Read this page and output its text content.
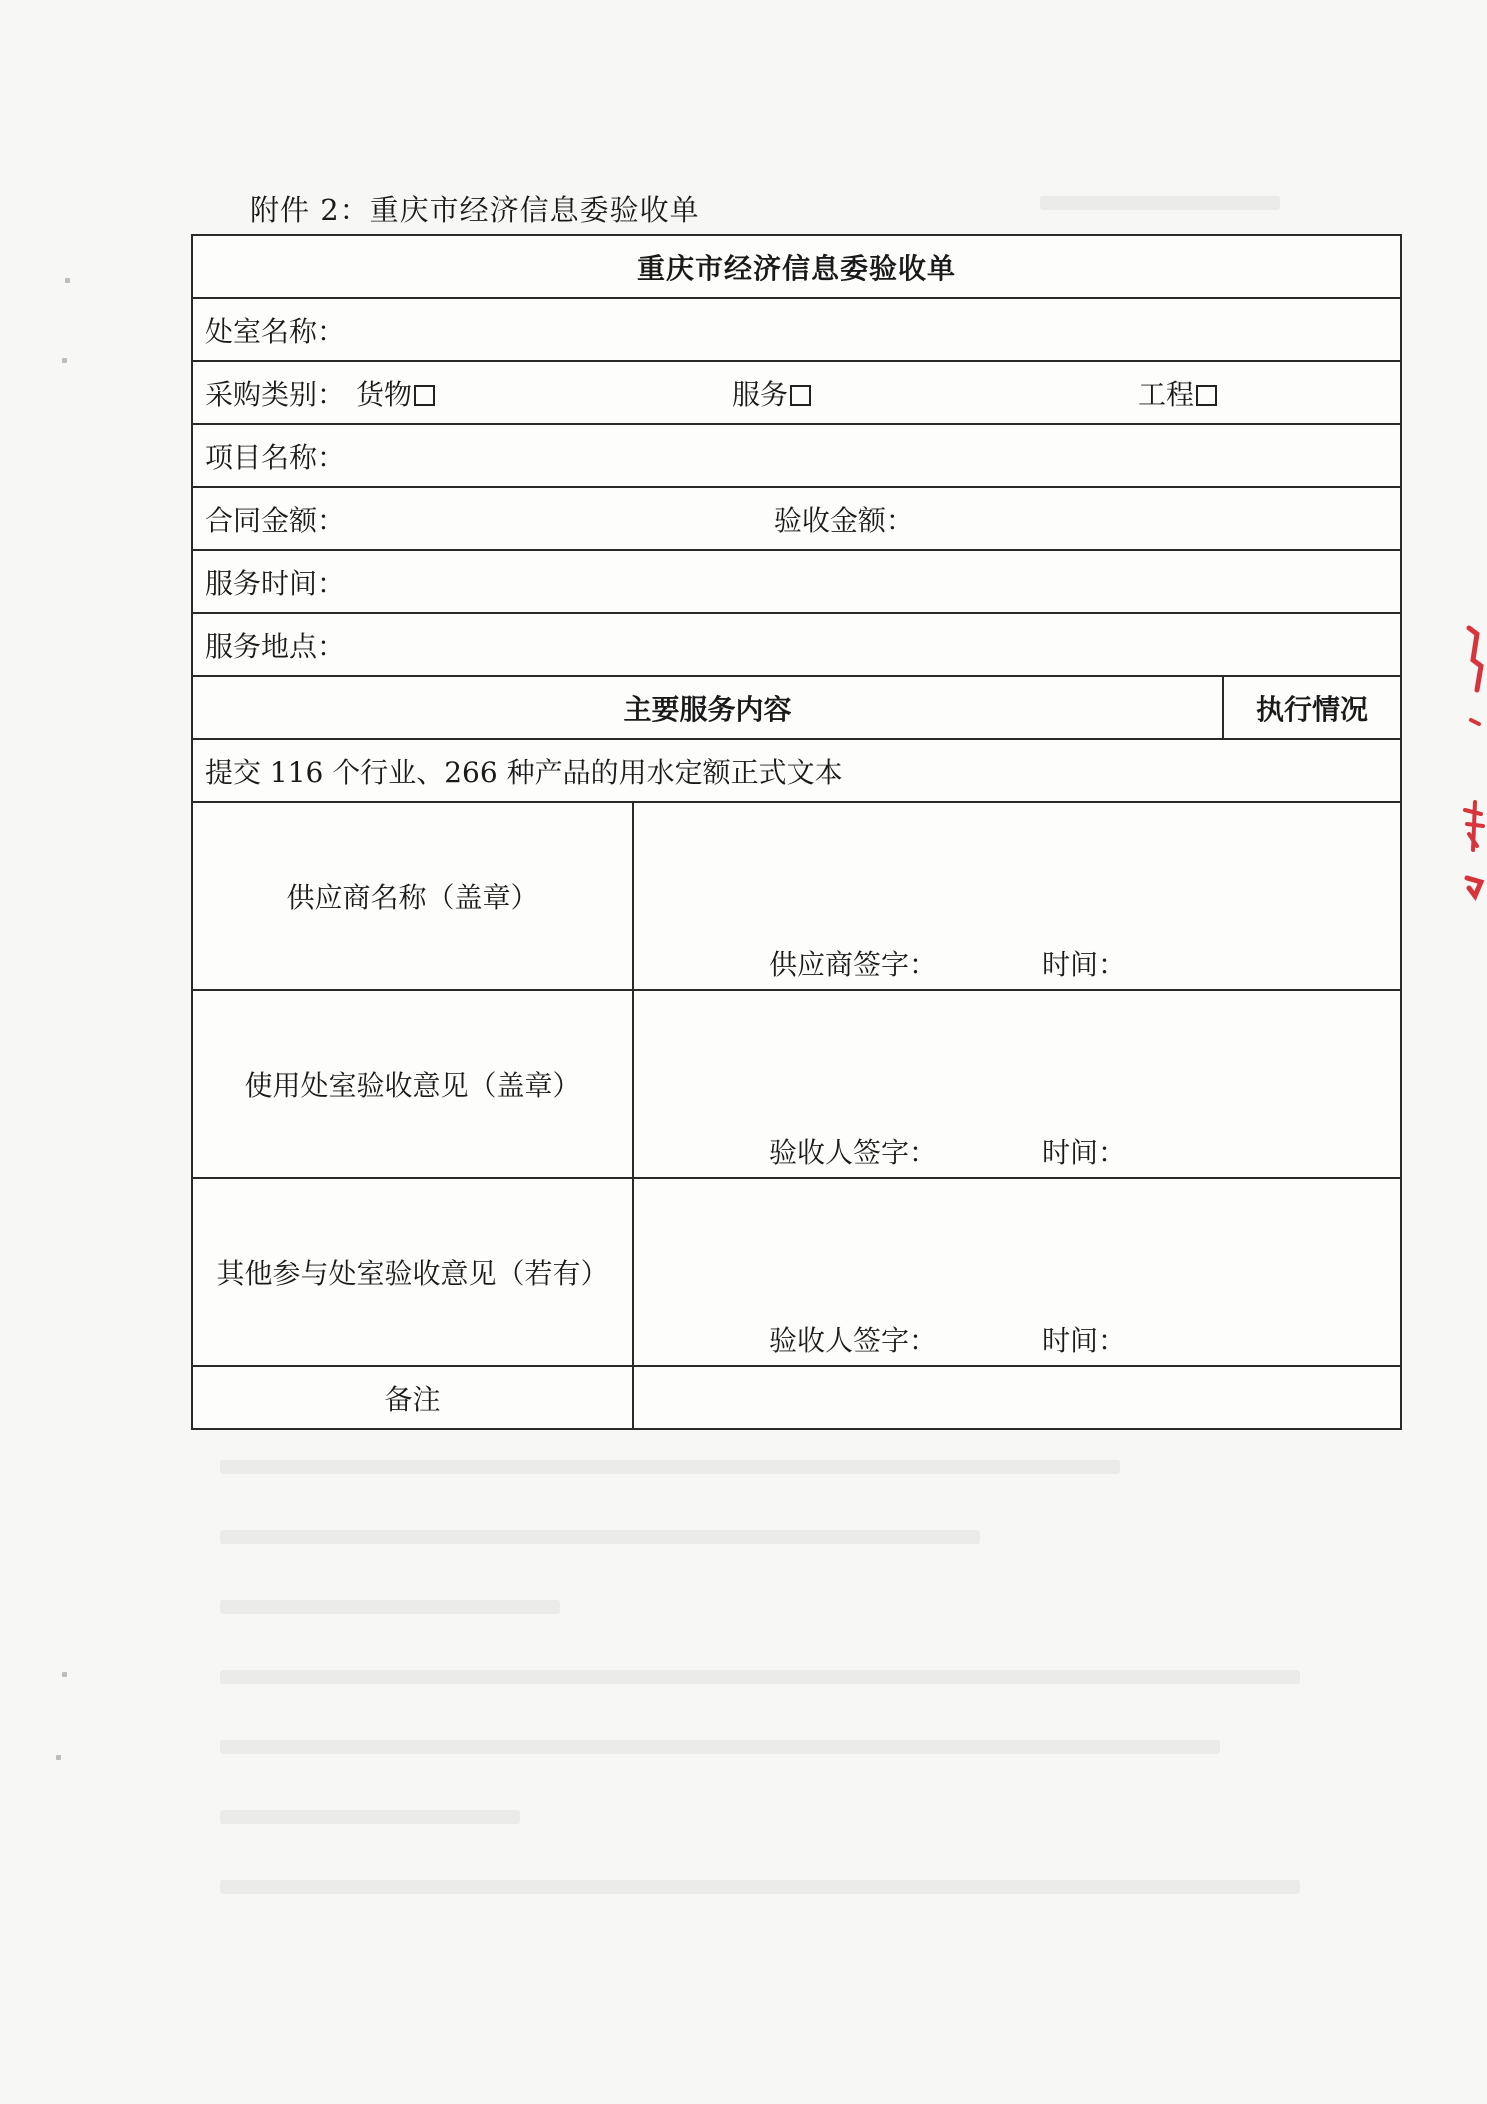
附件 2：重庆市经济信息委验收单
重庆市经济信息委验收单		
处室名称：		

采购类别： 货物 服务 工程		

项目名称：		
合同金额： 验收金额：		
服务时间：		
服务地点：		
主要服务内容		执行情况
提交 116 个行业、266 种产品的用水定额正式文本		
供应商名称（盖章）	供应商签字： 时间：	

使用处室验收意见（盖章）	验收人签字： 时间：	

其他参与处室验收意见（若有）	验收人签字： 时间：	

备注		
